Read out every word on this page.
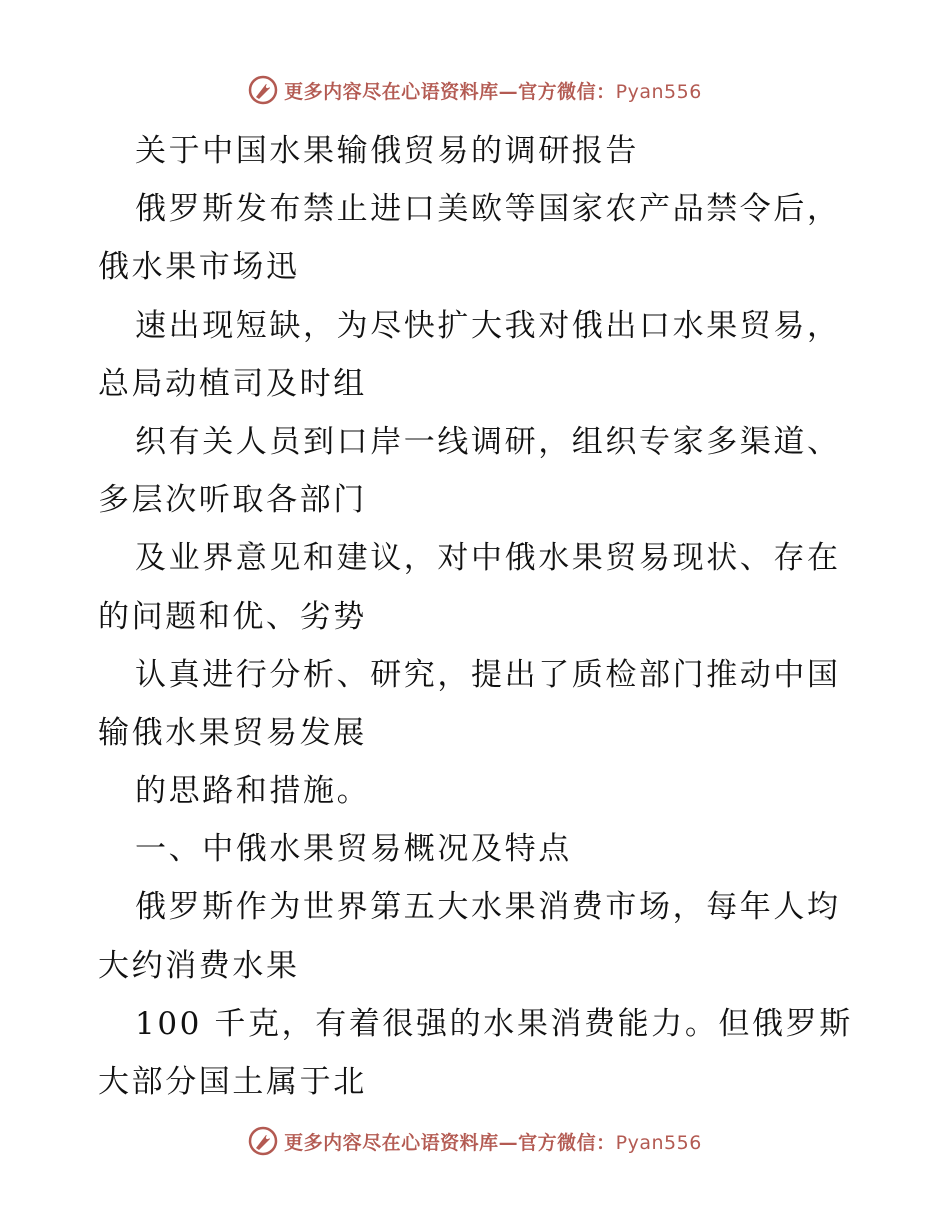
更多内容尽在心语资料库—官方微信：Pyan556
关于中国水果输俄贸易的调研报告
俄罗斯发布禁止进口美欧等国家农产品禁令后，
俄水果市场迅
速出现短缺，为尽快扩大我对俄出口水果贸易，
总局动植司及时组
织有关人员到口岸一线调研，组织专家多渠道、
多层次听取各部门
及业界意见和建议，对中俄水果贸易现状、存在
的问题和优、劣势
认真进行分析、研究，提出了质检部门推动中国
输俄水果贸易发展
的思路和措施。
一、中俄水果贸易概况及特点
俄罗斯作为世界第五大水果消费市场，每年人均
大约消费水果
100 千克，有着很强的水果消费能力。但俄罗斯
大部分国土属于北
更多内容尽在心语资料库—官方微信：Pyan556
